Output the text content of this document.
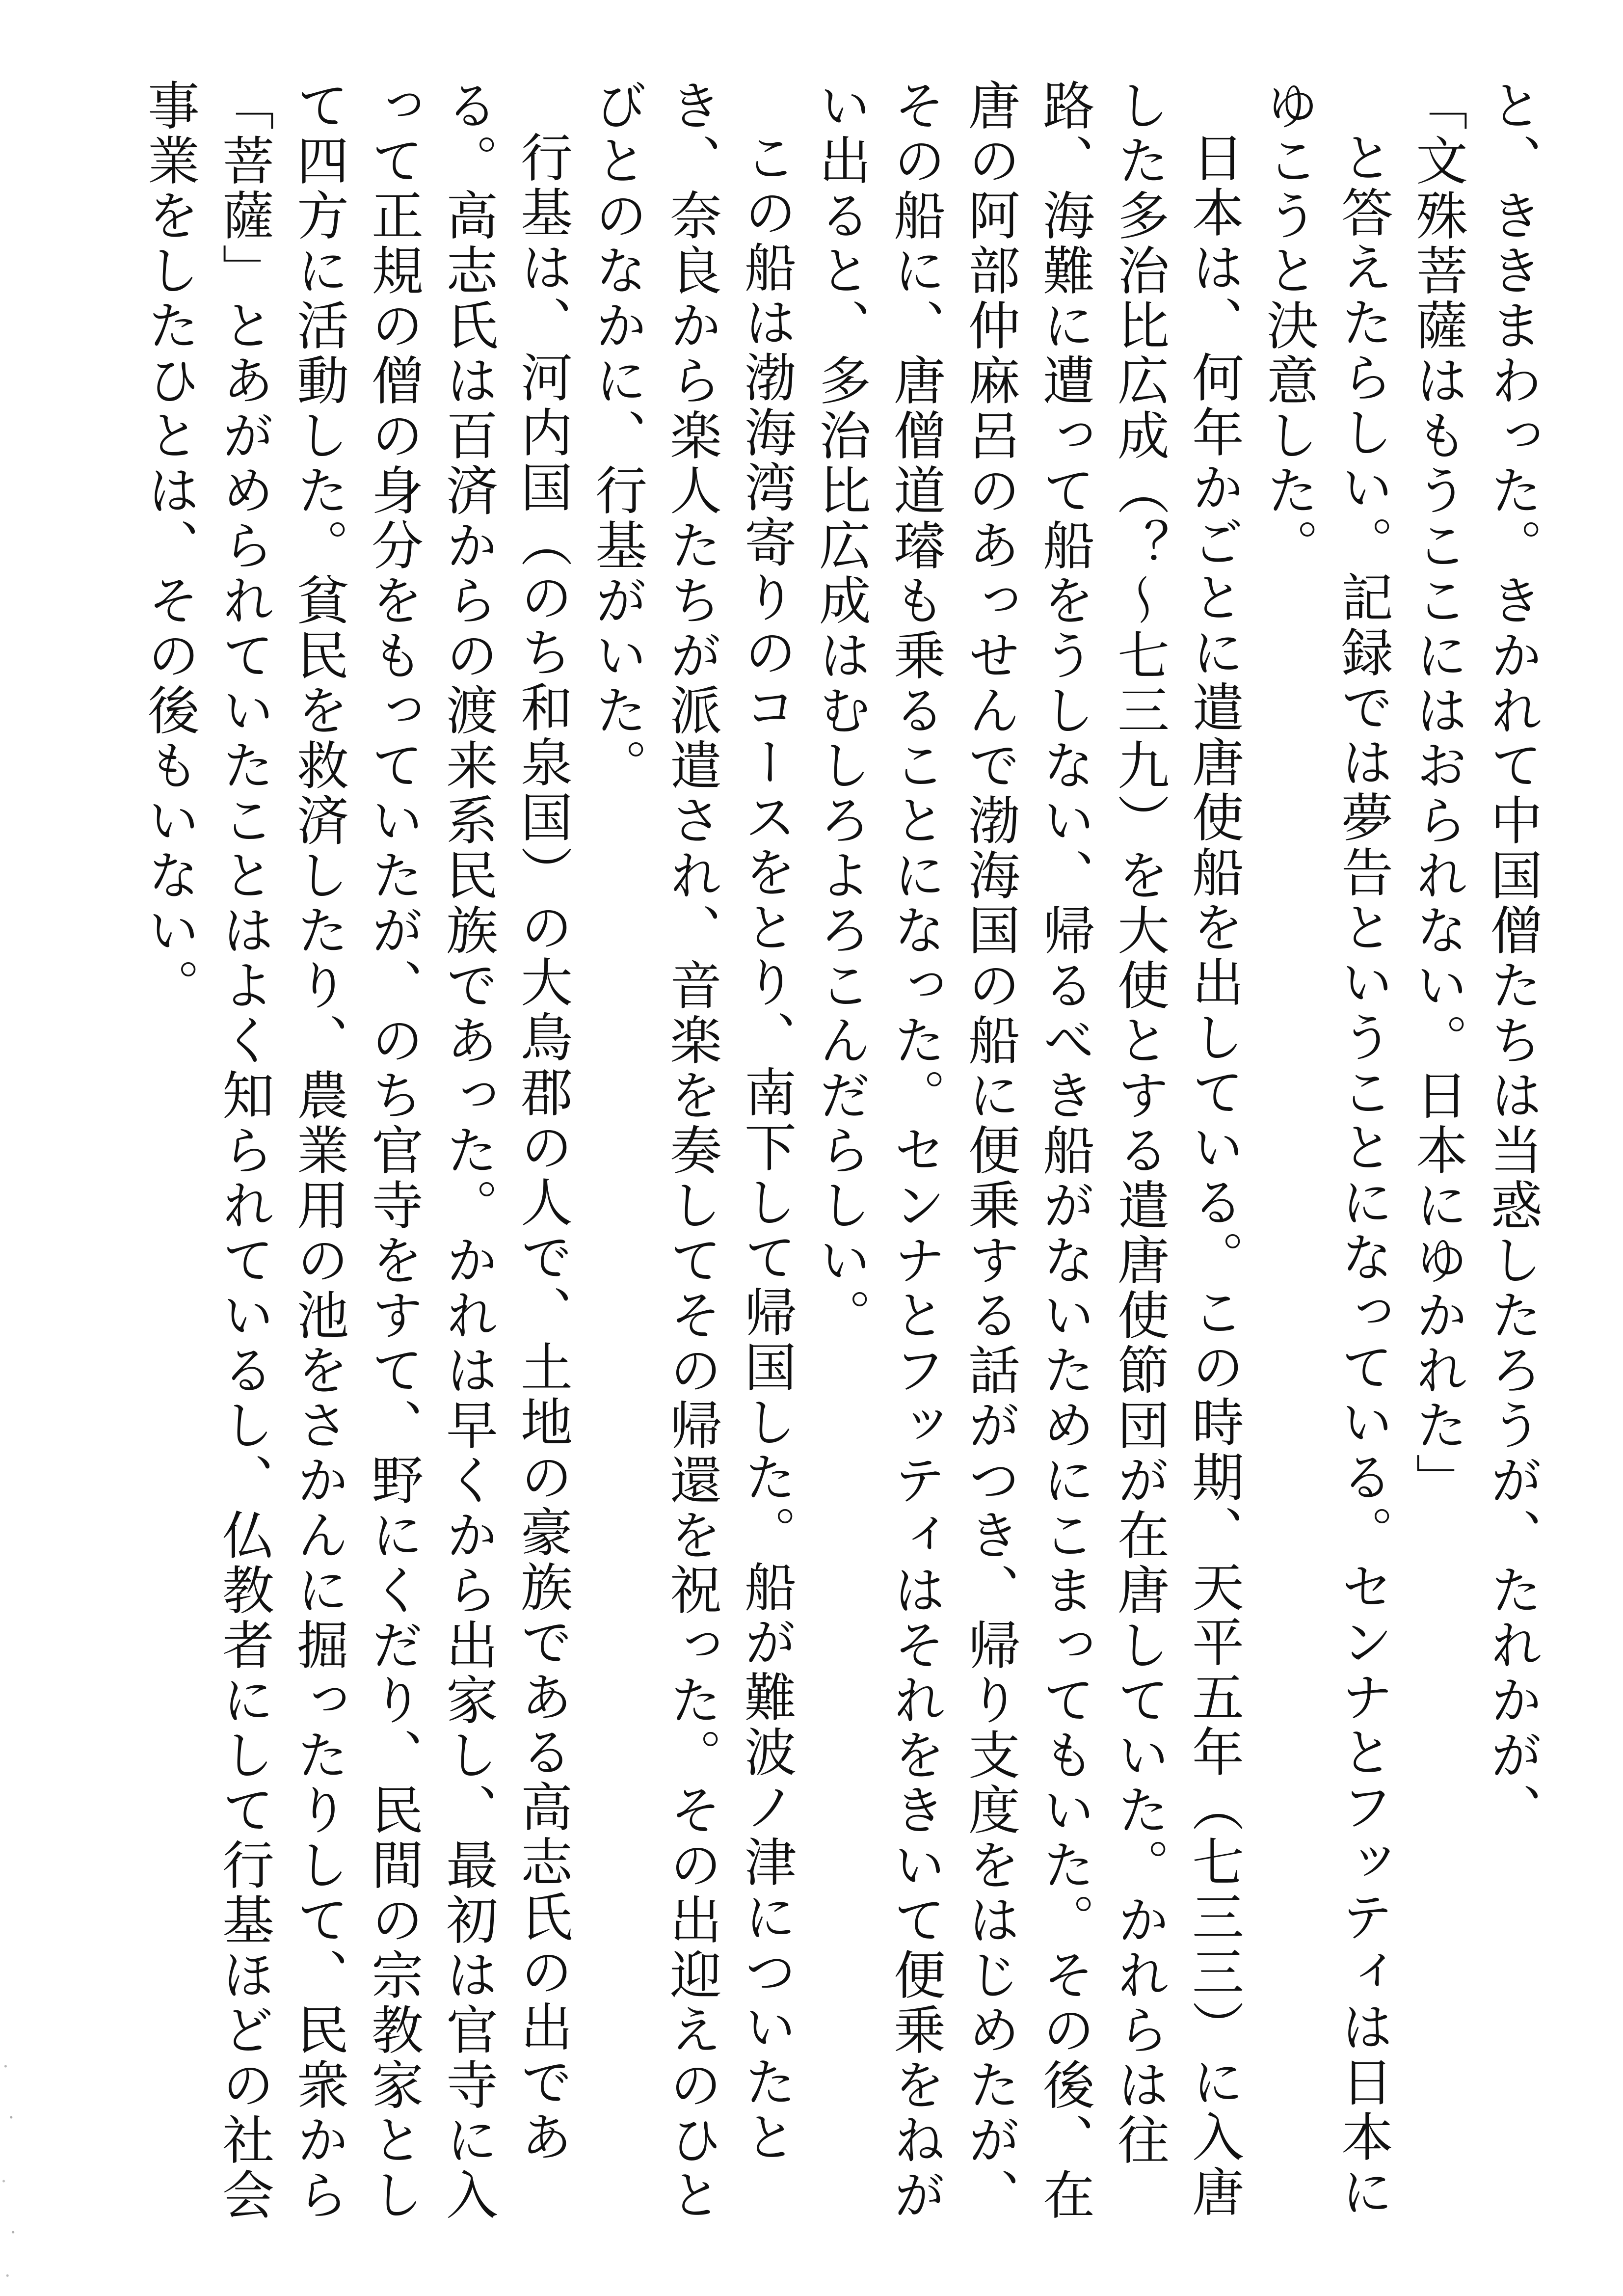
と、ききまわった。きかれて中国僧たちは当惑したろうが、たれかが、

「文殊菩薩はもうここにはおられない。日本にゆかれた」

と答えたらしい。記録では夢告ということになっている。センナとフッティは日本にゆこうと決意した。

日本は、何年かごとに遣唐使船を出している。この時期、天平五年（七三三）に入唐した多治比広成（？～七三九）を大使とする遣唐使節団が在唐していた。かれらは往路、海難に遭って船をうしない、帰るべき船がないためにこまってもいた。その後、在唐の阿部仲麻呂のあっせんで渤海国の船に便乗する話がつき、帰り支度をはじめたが、その船に、唐僧道璿も乗ることになった。センナとフッティはそれをきいて便乗をねがい出ると、多治比広成はむしろよろこんだらしい。

この船は渤海湾寄りのコースをとり、南下して帰国した。船が難波ノ津についたとき、奈良から楽人たちが派遣され、音楽を奏してその帰還を祝った。その出迎えのひとびとのなかに、行基がいた。

行基は、河内国（のち和泉国）の大鳥郡の人で、土地の豪族である高志氏の出である。高志氏は百済からの渡来系民族であった。かれは早くから出家し、最初は官寺に入って正規の僧の身分をもっていたが、のち官寺をすて、野にくだり、民間の宗教家として四方に活動した。貧民を救済したり、農業用の池をさかんに掘ったりして、民衆から「菩薩」とあがめられていたことはよく知られているし、仏教者にして行基ほどの社会事業をしたひとは、その後もいない。
